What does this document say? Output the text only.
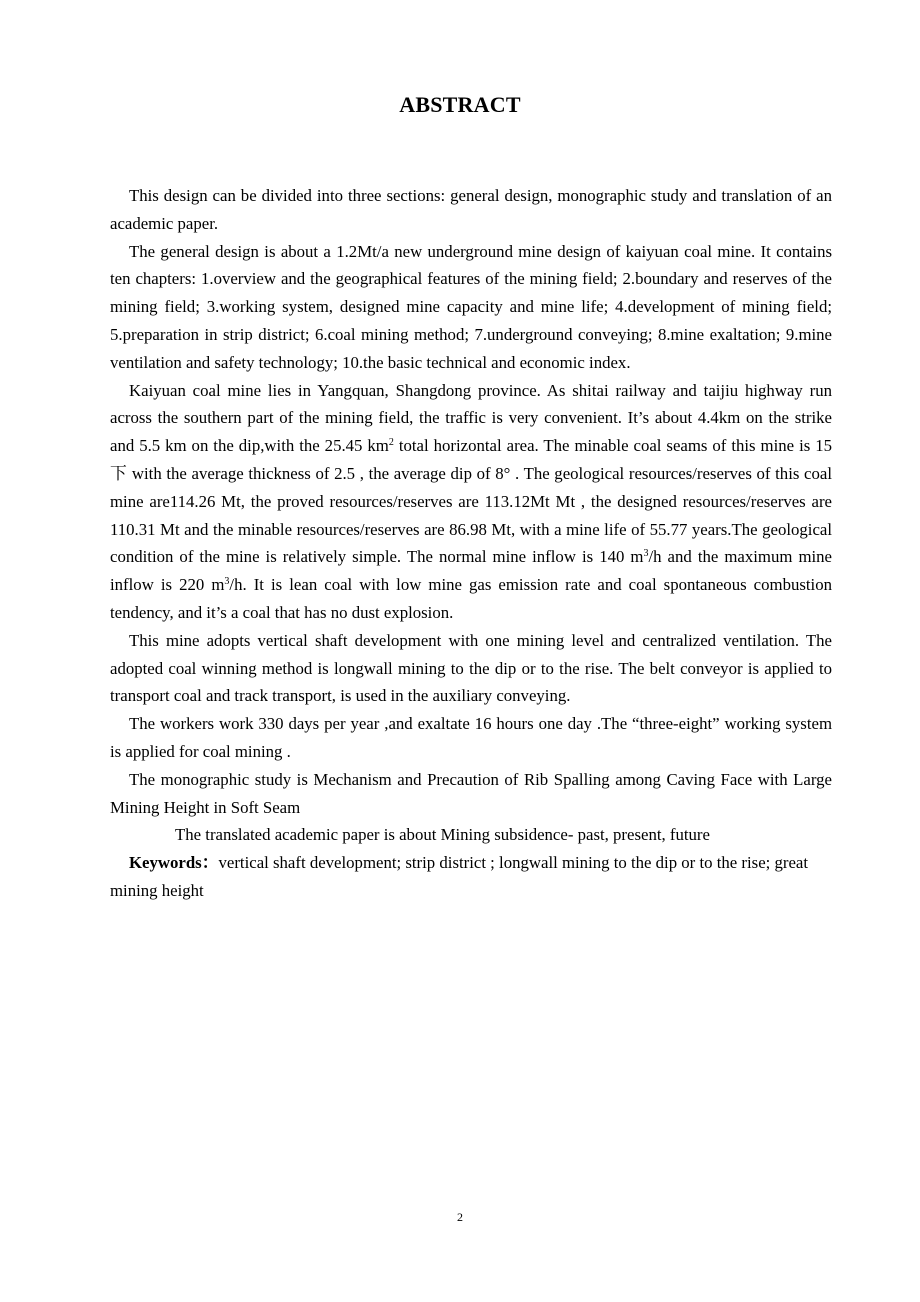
ABSTRACT

This design can be divided into three sections: general design, monographic study and translation of an academic paper.

The general design is about a 1.2Mt/a new underground mine design of kaiyuan coal mine. It contains ten chapters: 1.overview and the geographical features of the mining field; 2.boundary and reserves of the mining field; 3.working system, designed mine capacity and mine life; 4.development of mining field; 5.preparation in strip district; 6.coal mining method; 7.underground conveying; 8.mine exaltation; 9.mine ventilation and safety technology; 10.the basic technical and economic index.

Kaiyuan coal mine lies in Yangquan, Shangdong province. As shitai railway and taijiu highway run across the southern part of the mining field, the traffic is very convenient. It’s about 4.4km on the strike and 5.5 km on the dip,with the 25.45 $km^2$ total horizontal area. The minable coal seams of this mine is 15 下 with the average thickness of 2.5 , the average dip of 8° . The geological resources/reserves of this coal mine are114.26 Mt, the proved resources/reserves are 113.12Mt Mt , the designed resources/reserves are 110.31 Mt and the minable resources/reserves are 86.98 Mt, with a mine life of 55.77 years.The geological condition of the mine is relatively simple. The normal mine inflow is 140 $m^3/h$ and the maximum mine inflow is 220 $m^3/h$. It is lean coal with low mine gas emission rate and coal spontaneous combustion tendency, and it’s a coal that has no dust explosion.

This mine adopts vertical shaft development with one mining level and centralized ventilation. The adopted coal winning method is longwall mining to the dip or to the rise. The belt conveyor is applied to transport coal and track transport, is used in the auxiliary conveying.

The workers work 330 days per year ,and exaltate 16 hours one day .The “three-eight” working system is applied for coal mining .

The monographic study is Mechanism and Precaution of Rib Spalling among Caving Face with Large Mining Height in Soft Seam

The translated academic paper is about Mining subsidence- past, present, future

Keywords：vertical shaft development; strip district ; longwall mining to the dip or to the rise; great mining height

2
